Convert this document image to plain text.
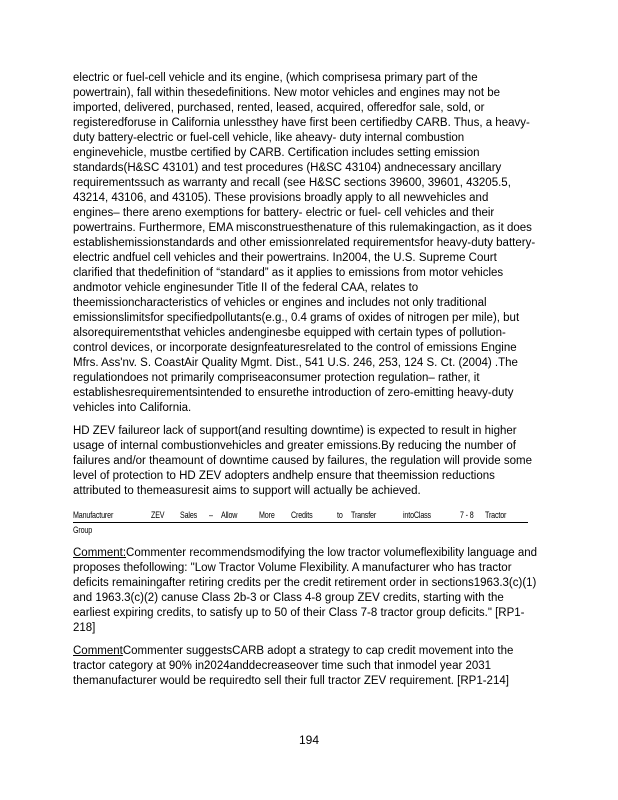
electric or fuel-cell vehicle and its engine, (which comprisesa primary part of the powertrain), fall within thesedefinitions. New motor vehicles and engines may not be imported, delivered, purchased, rented, leased, acquired, offeredfor sale, sold, or registeredforuse in California unlessthey have first been certifiedby CARB. Thus, a heavy-duty battery-electric or fuel-cell vehicle, like aheavy- duty internal combustion enginevehicle, mustbe certified by CARB. Certification includes setting emission standards(H&SC 43101) and test procedures (H&SC 43104) andnecessary ancillary requirementssuch as warranty and recall (see H&SC sections 39600, 39601, 43205.5, 43214, 43106, and 43105). These provisions broadly apply to all newvehicles and engines– there areno exemptions for battery- electric or fuel- cell vehicles and their powertrains. Furthermore, EMA misconstruesthenature of this rulemakingaction, as it does establishemissionstandards and other emissionrelated requirementsfor heavy-duty battery-electric andfuel cell vehicles and their powertrains. In2004, the U.S. Supreme Court clarified that thedefinition of “standard” as it applies to emissions from motor vehicles andmotor vehicle enginesunder Title II of the federal CAA, relates to theemissioncharacteristics of vehicles or engines and includes not only traditional emissionslimitsfor specifiedpollutants(e.g., 0.4 grams of oxides of nitrogen per mile), but alsorequirementsthat vehicles andenginesbe equipped with certain types of pollution-control devices, or incorporate designfeaturesrelated to the control of emissions Engine Mfrs. Ass'nv. S. CoastAir Quality Mgmt. Dist., 541 U.S. 246, 253, 124 S. Ct. (2004) .The regulationdoes not primarily compriseaconsumer protection regulation– rather, it establishesrequirementsintended to ensurethe introduction of zero-emitting heavy-duty vehicles into California.

HD ZEV failureor lack of support(and resulting downtime) is expected to result in higher usage of internal combustionvehicles and greater emissions.By reducing the number of failures and/or theamount of downtime caused by failures, the regulation will provide some level of protection to HD ZEV adopters andhelp ensure that theemission reductions attributed to themeasuresit aims to support will actually be achieved.

Manufacturer	ZEV Sales – Allow More Credits	to Transfer	intoClass	7 - 8 Tractor
Group

Comment:Commenter recommendsmodifying the low tractor volumeflexibility language and proposes thefollowing: "Low Tractor Volume Flexibility. A manufacturer who has tractor deficits remainingafter retiring credits per the credit retirement order in sections1963.3(c)(1) and 1963.3(c)(2) canuse Class 2b-3 or Class 4-8 group ZEV credits, starting with the earliest expiring credits, to satisfy up to 50 of their Class 7-8 tractor group deficits." [RP1-218]

CommentCommenter suggestsCARB adopt a strategy to cap credit movement into the tractor category at 90% in2024anddecreaseover time such that inmodel year 2031 themanufacturer would be requiredto sell their full tractor ZEV requirement. [RP1-214]

194
